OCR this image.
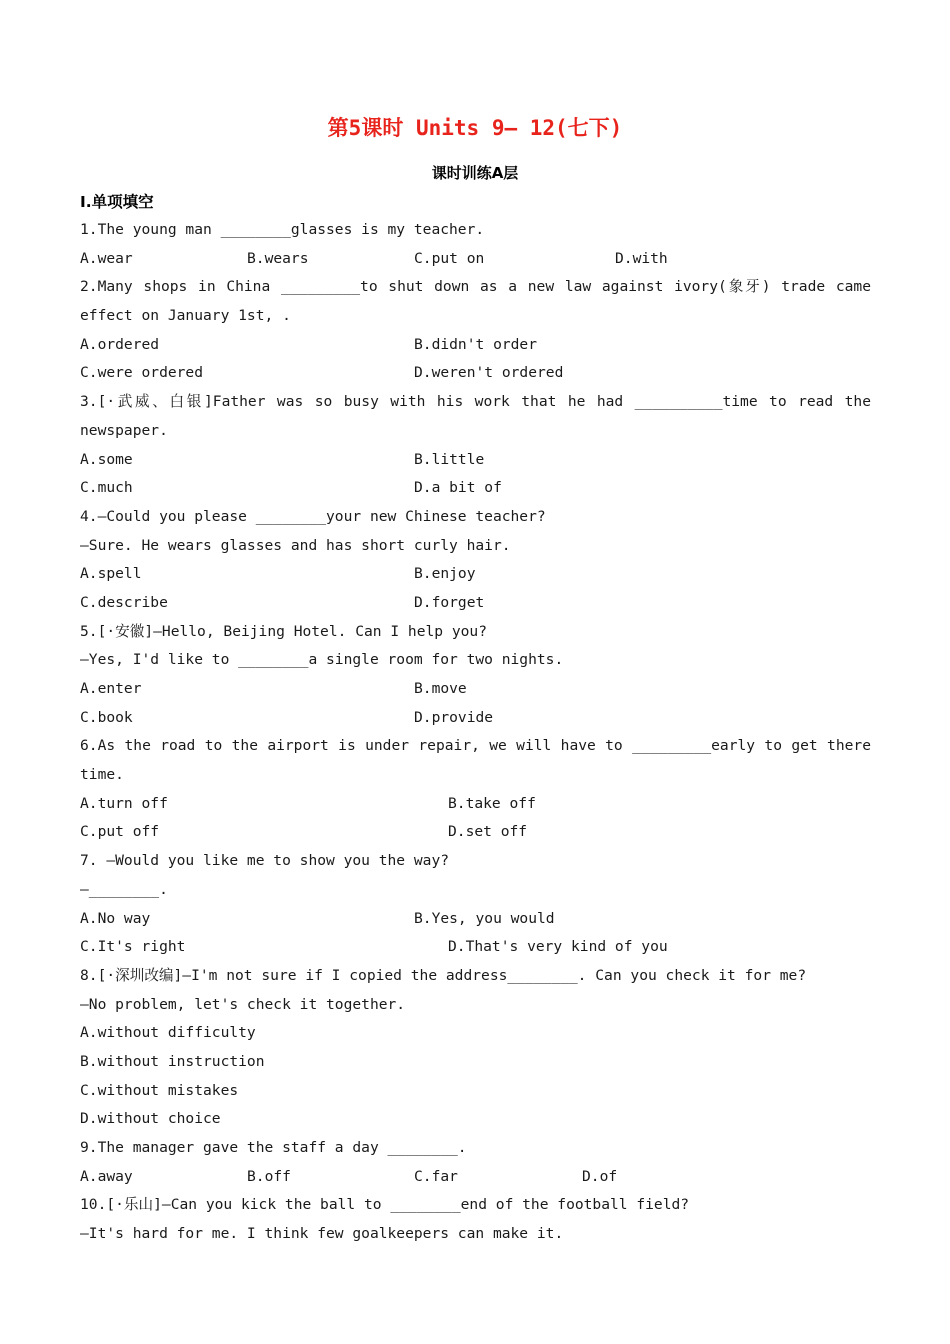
第5课时 Units 9— 12(七下)
课时训练A层
Ⅰ.单项填空
1.The young man ________glasses is my teacher.
A.wear	B.wears	C.put on	D.with
2.Many shops in China _________to shut down as a new law against ivory(象牙) trade came
effect on January 1st, .
A.ordered	B.didn't order
C.were ordered	D.weren't ordered
3.[·武威、白银]Father was so busy with his work that he had __________time to read the
newspaper.
A.some	B.little
C.much	D.a bit of
4.—Could you please ________your new Chinese teacher?
—Sure. He wears glasses and has short curly hair.
A.spell	B.enjoy
C.describe	D.forget
5.[·安徽]—Hello, Beijing Hotel. Can I help you?
—Yes, I'd like to ________a single room for two nights.
A.enter	B.move
C.book	D.provide
6.As the road to the airport is under repair, we will have to _________early to get there
time.
A.turn off	B.take off
C.put off	D.set off
7. —Would you like me to show you the way?
—________.
A.No way	B.Yes, you would
C.It's right	D.That's very kind of you
8.[·深圳改编]—I'm not sure if I copied the address________. Can you check it for me?
—No problem, let's check it together.
A.without difficulty
B.without instruction
C.without mistakes
D.without choice
9.The manager gave the staff a day ________.
A.away	B.off	C.far	D.of
10.[·乐山]—Can you kick the ball to ________end of the football field?
—It's hard for me. I think few goalkeepers can make it.
